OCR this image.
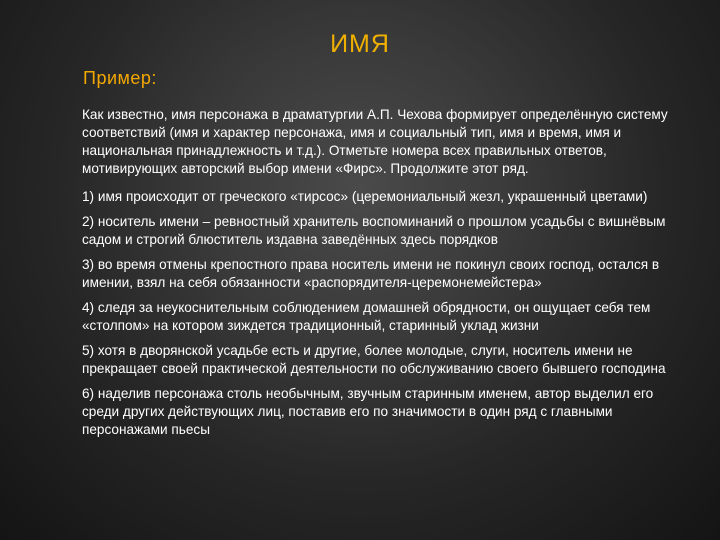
ИМЯ

Пример:

Как известно, имя персонажа в драматургии А.П. Чехова формирует определённую систему соответствий (имя и характер персонажа, имя и социальный тип, имя и время, имя и национальная принадлежность и т.д.). Отметьте номера всех правильных ответов, мотивирующих авторский выбор имени «Фирс». Продолжите этот ряд.

1) имя происходит от греческого «тирсос» (церемониальный жезл, украшенный цветами)

2) носитель имени – ревностный хранитель воспоминаний о прошлом усадьбы с вишнёвым садом и строгий блюститель издавна заведённых здесь порядков

3) во время отмены крепостного права носитель имени не покинул своих господ, остался в имении, взял на себя обязанности «распорядителя-церемонемейстера»

4) следя за неукоснительным соблюдением домашней обрядности, он ощущает себя тем «столпом» на котором зиждется традиционный, старинный уклад жизни

5) хотя в дворянской усадьбе есть и другие, более молодые, слуги, носитель имени не прекращает своей практической деятельности по обслуживанию своего бывшего господина

6) наделив персонажа столь необычным, звучным старинным именем, автор выделил его среди других действующих лиц, поставив его по значимости в один ряд с главными персонажами пьесы
